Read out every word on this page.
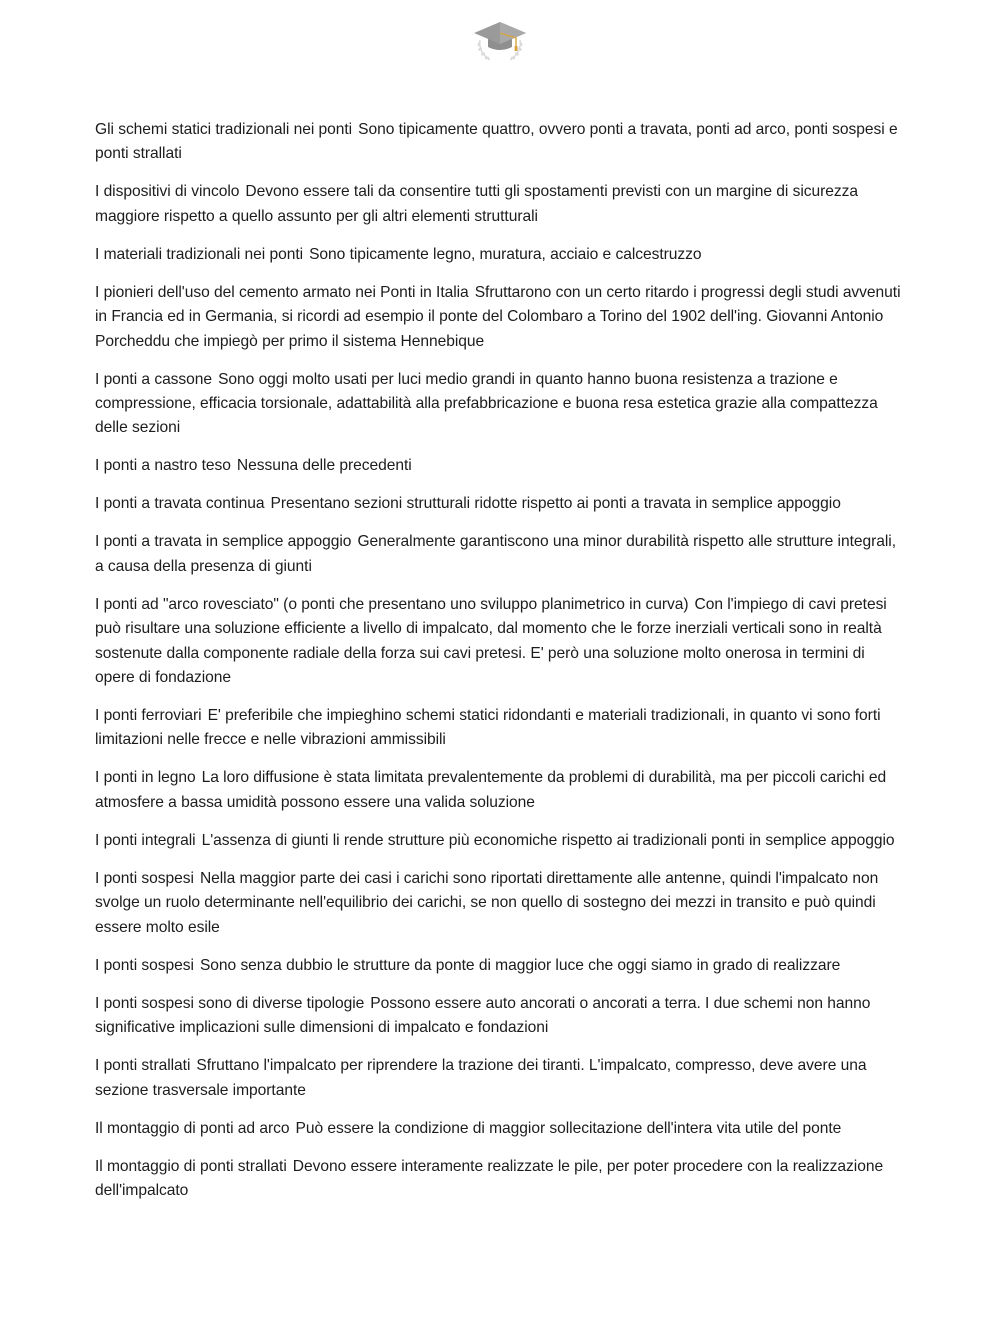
Gli schemi statici tradizionali nei ponti Sono tipicamente quattro, ovvero ponti a travata, ponti ad arco, ponti sospesi e ponti strallati

I dispositivi di vincolo Devono essere tali da consentire tutti gli spostamenti previsti con un margine di sicurezza maggiore rispetto a quello assunto per gli altri elementi strutturali

I materiali tradizionali nei ponti Sono tipicamente legno, muratura, acciaio e calcestruzzo

I pionieri dell'uso del cemento armato nei Ponti in Italia Sfruttarono con un certo ritardo i progressi degli studi avvenuti in Francia ed in Germania, si ricordi ad esempio il ponte del Colombaro a Torino del 1902 dell'ing. Giovanni Antonio Porcheddu che impiegò per primo il sistema Hennebique

I ponti a cassone Sono oggi molto usati per luci medio grandi in quanto hanno buona resistenza a trazione e compressione, efficacia torsionale, adattabilità alla prefabbricazione e buona resa estetica grazie alla compattezza delle sezioni

I ponti a nastro teso Nessuna delle precedenti

I ponti a travata continua Presentano sezioni strutturali ridotte rispetto ai ponti a travata in semplice appoggio

I ponti a travata in semplice appoggio Generalmente garantiscono una minor durabilità rispetto alle strutture integrali, a causa della presenza di giunti

I ponti ad "arco rovesciato" (o ponti che presentano uno sviluppo planimetrico in curva) Con l'impiego di cavi pretesi può risultare una soluzione efficiente a livello di impalcato, dal momento che le forze inerziali verticali sono in realtà sostenute dalla componente radiale della forza sui cavi pretesi. E' però una soluzione molto onerosa in termini di opere di fondazione

I ponti ferroviari E' preferibile che impieghino schemi statici ridondanti e materiali tradizionali, in quanto vi sono forti limitazioni nelle frecce e nelle vibrazioni ammissibili

I ponti in legno La loro diffusione è stata limitata prevalentemente da problemi di durabilità, ma per piccoli carichi ed atmosfere a bassa umidità possono essere una valida soluzione

I ponti integrali L'assenza di giunti li rende strutture più economiche rispetto ai tradizionali ponti in semplice appoggio

I ponti sospesi Nella maggior parte dei casi i carichi sono riportati direttamente alle antenne, quindi l'impalcato non svolge un ruolo determinante nell'equilibrio dei carichi, se non quello di sostegno dei mezzi in transito e può quindi essere molto esile

I ponti sospesi Sono senza dubbio le strutture da ponte di maggior luce che oggi siamo in grado di realizzare

I ponti sospesi sono di diverse tipologie Possono essere auto ancorati o ancorati a terra. I due schemi non hanno significative implicazioni sulle dimensioni di impalcato e fondazioni

I ponti strallati Sfruttano l'impalcato per riprendere la trazione dei tiranti. L'impalcato, compresso, deve avere una sezione trasversale importante

Il montaggio di ponti ad arco Può essere la condizione di maggior sollecitazione dell'intera vita utile del ponte

Il montaggio di ponti strallati Devono essere interamente realizzate le pile, per poter procedere con la realizzazione dell'impalcato
